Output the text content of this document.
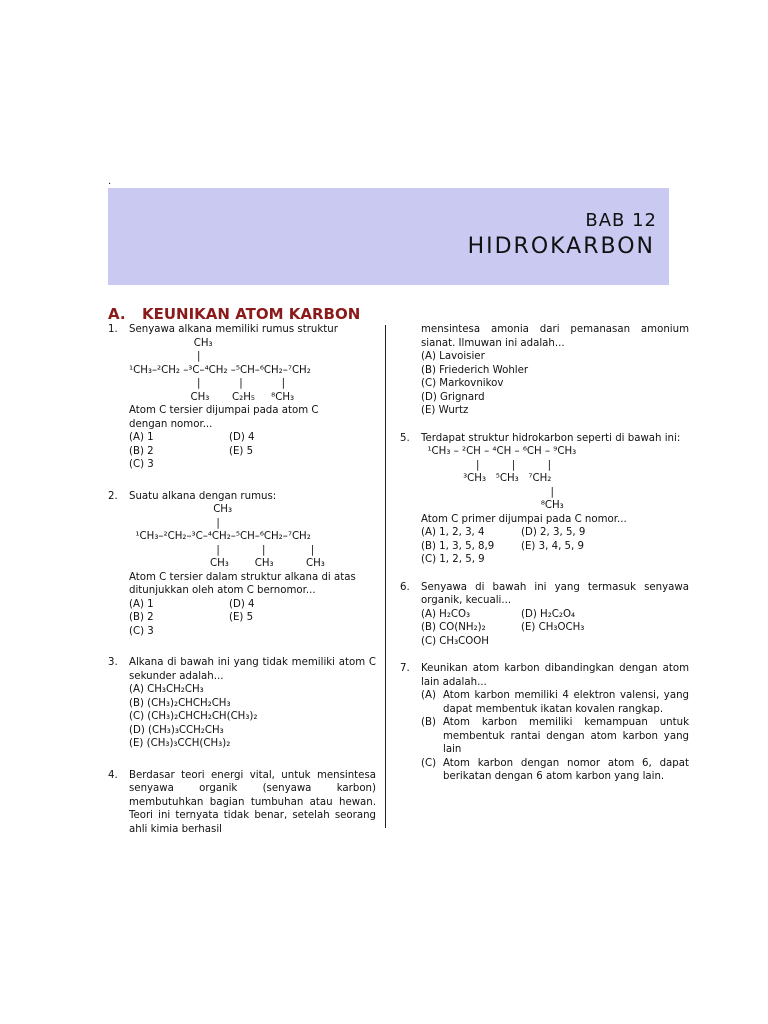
.
BAB 12
HIDROKARBON
A. KEUNIKAN ATOM KARBON
1. Senyawa alkana memiliki rumus struktur
CH₃
|
¹CH₃–²CH₂ –³C–⁴CH₂ –⁵CH–⁶CH₂–⁷CH₂
|            |            |
CH₃       C₂H₅     ⁸CH₃
Atom C tersier dijumpai pada atom C dengan nomor...
(A) 1	(D) 4
(B) 2	(E) 5
(C) 3
2. Suatu alkana dengan rumus:
CH₃
|
¹CH₃–²CH₂–³C–⁴CH₂–⁵CH–⁶CH₂–⁷CH₂
|             |              |
CH₃        CH₃          CH₃
Atom C tersier dalam struktur alkana di atas ditunjukkan oleh atom C bernomor...
(A) 1	(D) 4
(B) 2	(E) 5
(C) 3
3. Alkana di bawah ini yang tidak memiliki atom C sekunder adalah...
(A) CH₃CH₂CH₃
(B) (CH₃)₂CHCH₂CH₃
(C) (CH₃)₂CHCH₂CH(CH₃)₂
(D) (CH₃)₃CCH₂CH₃
(E) (CH₃)₃CCH(CH₃)₂
4. Berdasar teori energi vital, untuk mensintesa senyawa organik (senyawa karbon) membutuhkan bagian tumbuhan atau hewan. Teori ini ternyata tidak benar, setelah seorang ahli kimia berhasil
mensintesa amonia dari pemanasan amonium sianat. Ilmuwan ini adalah...
(A) Lavoisier
(B) Friederich Wohler
(C) Markovnikov
(D) Grignard
(E) Wurtz
5. Terdapat struktur hidrokarbon seperti di bawah ini:
¹CH₃ – ²CH – ⁴CH – ⁶CH – ⁹CH₃
|          |          |
³CH₃   ⁵CH₃   ⁷CH₂
|
⁸CH₃
Atom C primer dijumpai pada C nomor...
(A) 1, 2, 3, 4	(D) 2, 3, 5, 9
(B) 1, 3, 5, 8,9	(E) 3, 4, 5, 9
(C) 1, 2, 5, 9
6. Senyawa di bawah ini yang termasuk senyawa organik, kecuali...
(A) H₂CO₃	(D) H₂C₂O₄
(B) CO(NH₂)₂	(E) CH₃OCH₃
(C) CH₃COOH
7. Keunikan atom karbon dibandingkan dengan atom lain adalah...
(A) Atom karbon memiliki 4 elektron valensi, yang dapat membentuk ikatan kovalen rangkap.
(B) Atom karbon memiliki kemampuan untuk membentuk rantai dengan atom karbon yang lain
(C) Atom karbon dengan nomor atom 6, dapat berikatan dengan 6 atom karbon yang lain.
